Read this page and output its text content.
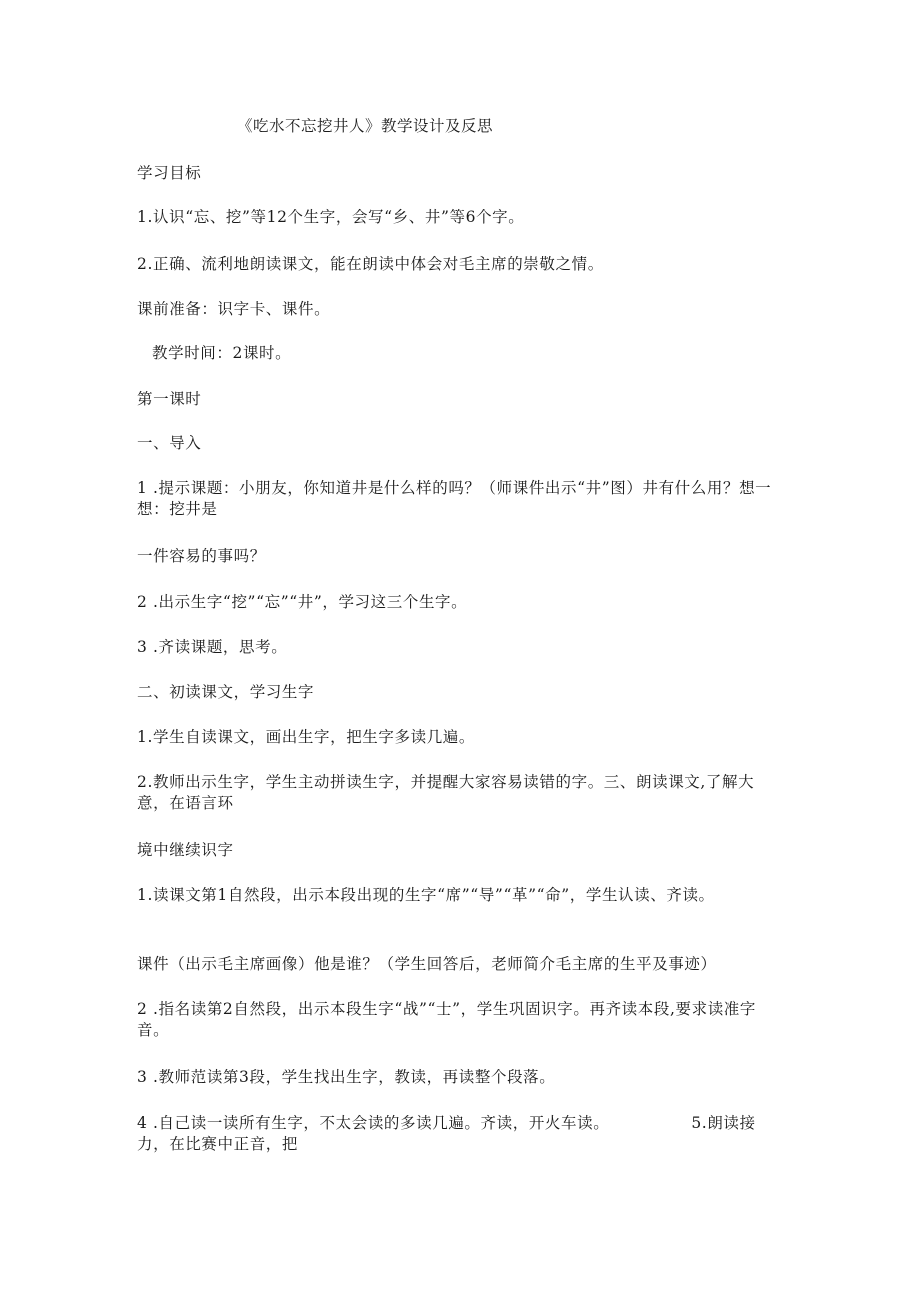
《吃水不忘挖井人》教学设计及反思
学习目标
1.认识“忘、挖”等12个生字，会写“乡、井”等6个字。
2.正确、流利地朗读课文，能在朗读中体会对毛主席的崇敬之情。
课前准备：识字卡、课件。
教学时间：2课时。
第一课时
一、导入
1 .提示课题：小朋友，你知道井是什么样的吗？（师课件出示“井”图）井有什么用？想一想：挖井是
一件容易的事吗？
2 .出示生字“挖”“忘”“井”，学习这三个生字。
3 .齐读课题，思考。
二、初读课文，学习生字
1.学生自读课文，画出生字，把生字多读几遍。
2.教师出示生字，学生主动拼读生字，并提醒大家容易读错的字。三、朗读课文,了解大意，在语言环
境中继续识字
1.读课文第1自然段，出示本段出现的生字“席”“导”“革”“命”，学生认读、齐读。
课件（出示毛主席画像）他是谁？（学生回答后，老师简介毛主席的生平及事迹）
2 .指名读第2自然段，出示本段生字“战”“士”，学生巩固识字。再齐读本段,要求读准字音。
3 .教师范读第3段，学生找出生字，教读，再读整个段落。
4 .自己读一读所有生字，不太会读的多读几遍。齐读，开火车读。	5.朗读接力，在比赛中正音，把
